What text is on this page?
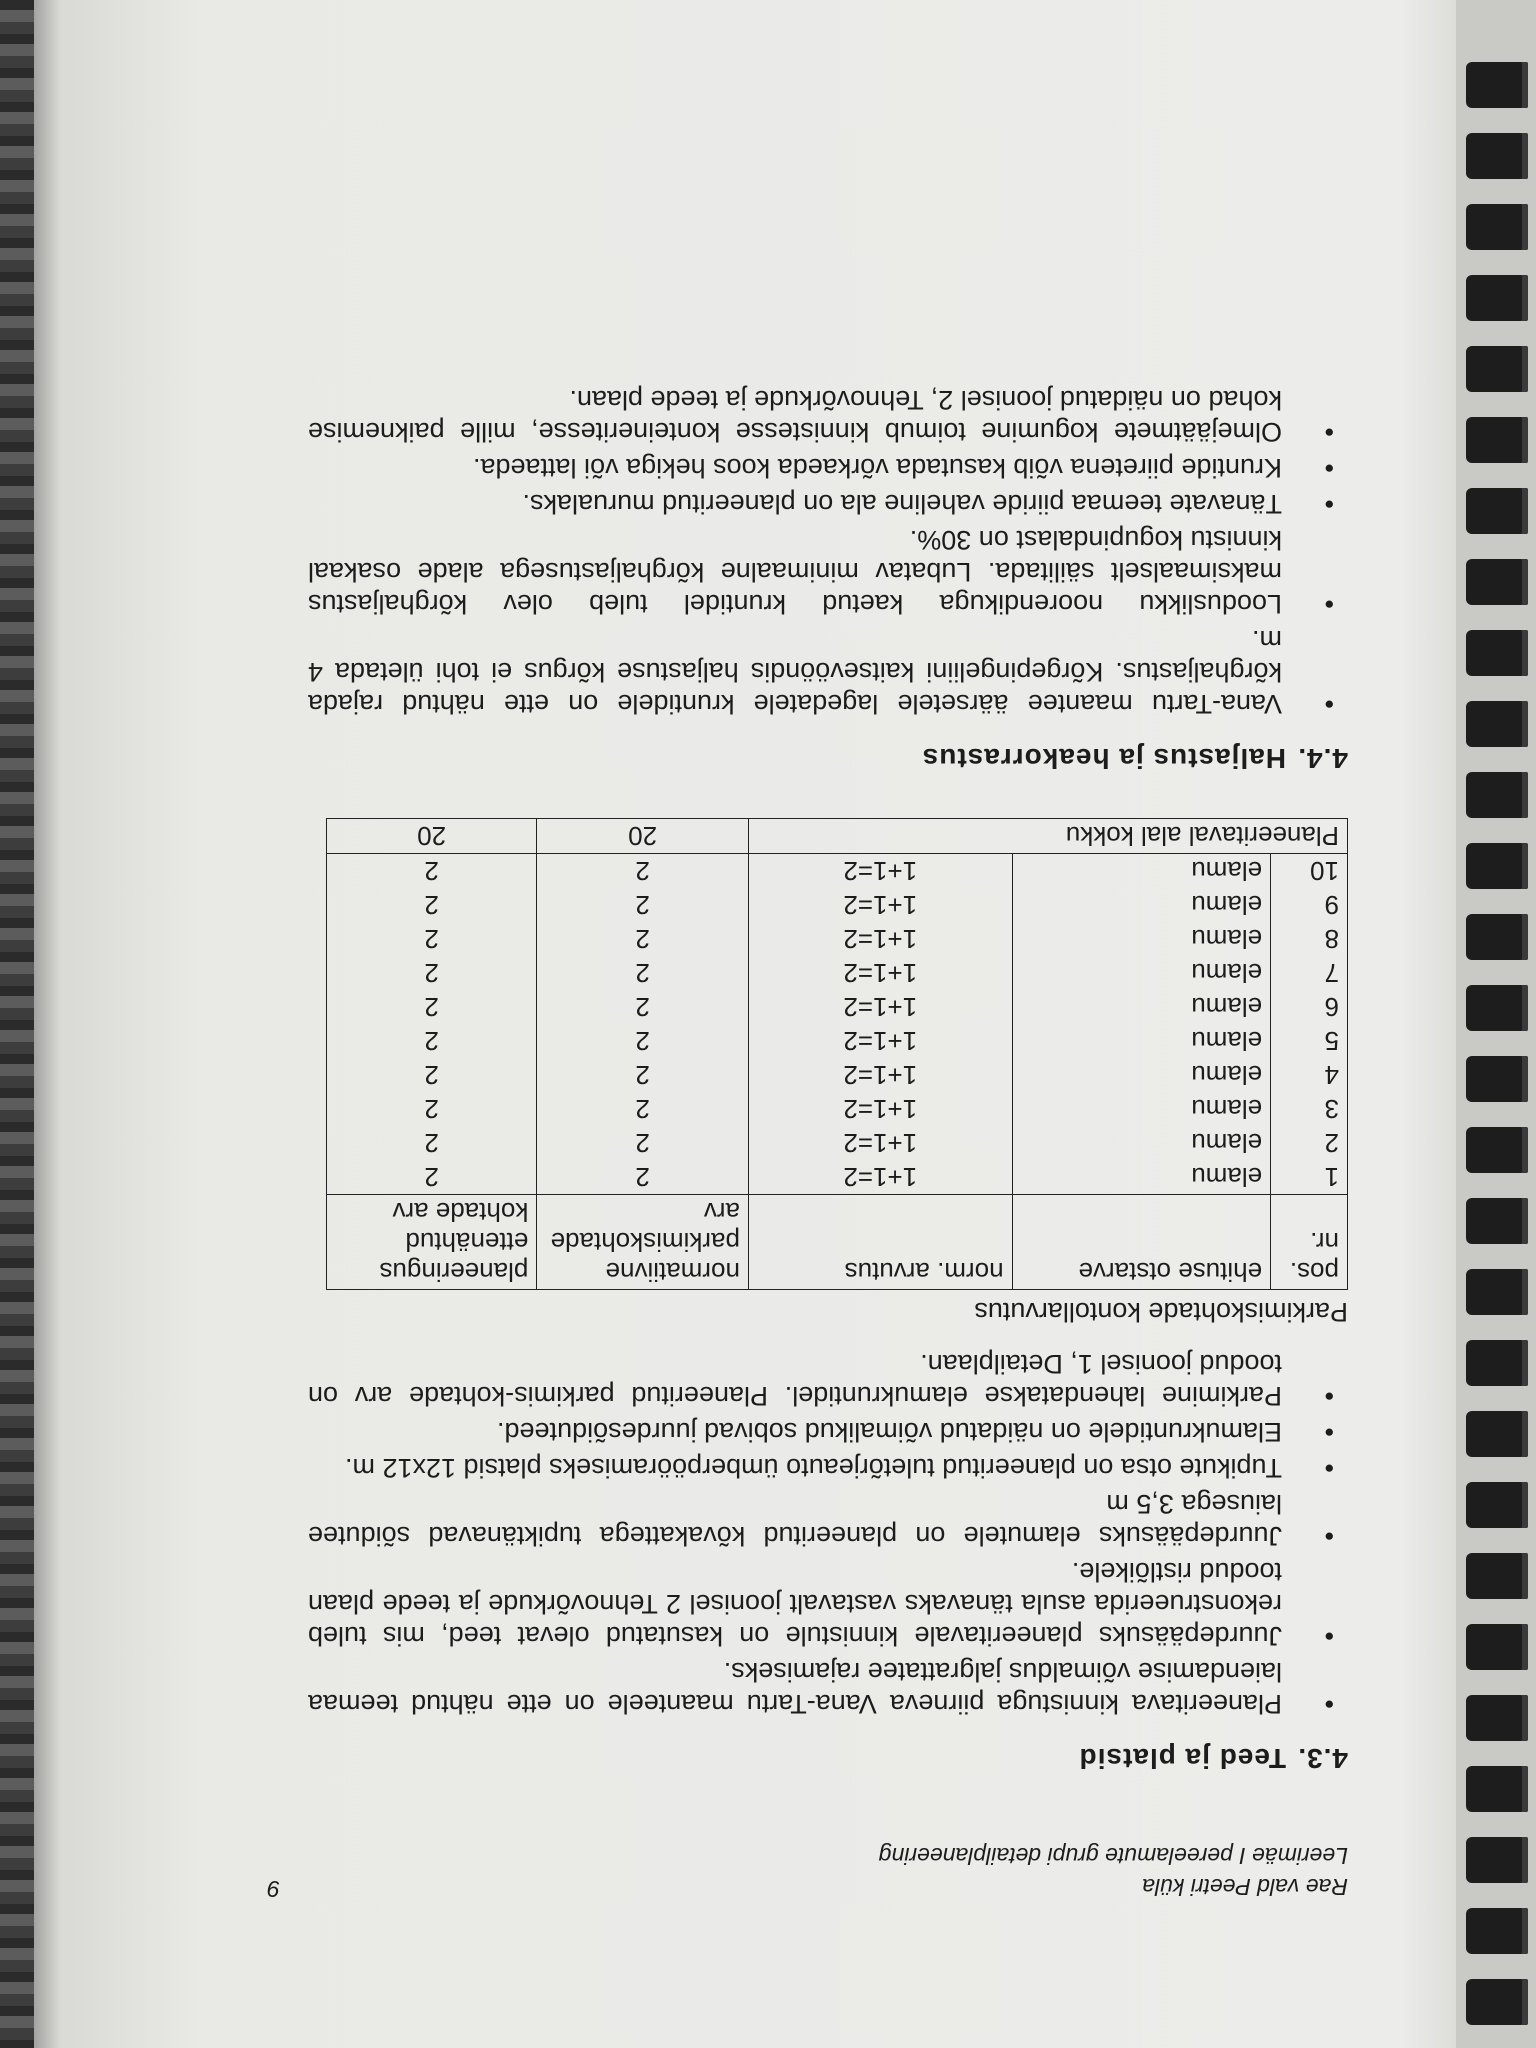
Rae vald Peetri küla
Leerimäe I pereelamute grupi detailplaneering
9
4.3.Teed ja platsid
• Planeeritava kinnistuga piirneva Vana-Tartu maanteele on ette nähtud teemaa laiendamise võimaldus jalgrattatee rajamiseks.
• Juurdepääsuks planeeritavale kinnistule on kasutatud olevat teed, mis tuleb rekonstrueerida asula tänavaks vastavalt joonisel 2 Tehnovõrkude ja teede plaan toodud ristlõikele.
• Juurdepääsuks elamutele on planeeritud kõvakattega tupiktänavad sõidutee laiusega 3,5 m
• Tupikute otsa on planeeritud tuletõrjeauto ümberpööramiseks platsid 12x12 m.
• Elamukruntidele on näidatud võimalikud sobivad juurdesõiduteed.
• Parkimine lahendatakse elamukruntidel. Planeeritud parkimis-kohtade arv on toodud joonisel 1, Detailplaan.
Parkimiskohtade kontollarvutus
pos. nr.	ehituse otstarve	norm. arvutus	normatiivne parkimiskohtade arv	planeeringus ettenähtud kohtade arv
1	elamu	1+1=2	2	2
2	elamu	1+1=2	2	2
3	elamu	1+1=2	2	2
4	elamu	1+1=2	2	2
5	elamu	1+1=2	2	2
6	elamu	1+1=2	2	2
7	elamu	1+1=2	2	2
8	elamu	1+1=2	2	2
9	elamu	1+1=2	2	2
10	elamu	1+1=2	2	2
Planeeritaval alal kokku			20	20
4.4.Haljastus ja heakorrastus
• Vana-Tartu maantee äärsetele lagedatele kruntidele on ette nähtud rajada kõrghaljastus. Kõrgepingeliini kaitsevööndis haljastuse kõrgus ei tohi ületada 4 m.
• Looduslikku noorendikuga kaetud kruntidel tuleb olev kõrghaljastus maksimaalselt säilitada. Lubatav minimaalne kõrghaljastusega alade osakaal kinnistu kogupindalast on 30%.
• Tänavate teemaa piiride vaheline ala on planeeritud murualaks.
• Kruntide piiretena võib kasutada võrkaeda koos hekiga või lattaeda.
• Olmejäätmete kogumine toimub kinnistesse konteineritesse, mille paiknemise kohad on näidatud joonisel 2, Tehnovõrkude ja teede plaan.
